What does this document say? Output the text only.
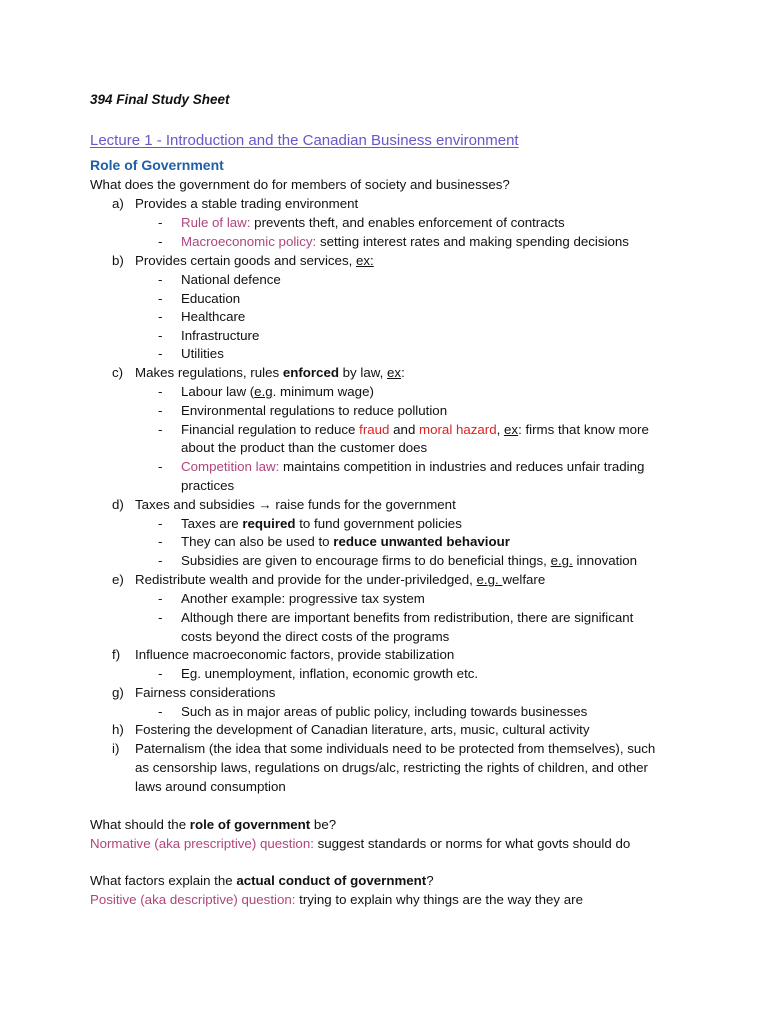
394 Final Study Sheet
Lecture 1 - Introduction and the Canadian Business environment
Role of Government
What does the government do for members of society and businesses?
a) Provides a stable trading environment
- Rule of law: prevents theft, and enables enforcement of contracts
- Macroeconomic policy: setting interest rates and making spending decisions
b) Provides certain goods and services, ex:
- National defence
- Education
- Healthcare
- Infrastructure
- Utilities
c) Makes regulations, rules enforced by law, ex:
- Labour law (e.g. minimum wage)
- Environmental regulations to reduce pollution
- Financial regulation to reduce fraud and moral hazard, ex: firms that know more
about the product than the customer does
- Competition law: maintains competition in industries and reduces unfair trading
practices
d) Taxes and subsidies → raise funds for the government
- Taxes are required to fund government policies
- They can also be used to reduce unwanted behaviour
- Subsidies are given to encourage firms to do beneficial things, e.g. innovation
e) Redistribute wealth and provide for the under-priviledged, e.g. welfare
- Another example: progressive tax system
- Although there are important benefits from redistribution, there are significant
costs beyond the direct costs of the programs
f) Influence macroeconomic factors, provide stabilization
- Eg. unemployment, inflation, economic growth etc.
g) Fairness considerations
- Such as in major areas of public policy, including towards businesses
h) Fostering the development of Canadian literature, arts, music, cultural activity
i) Paternalism (the idea that some individuals need to be protected from themselves), such
as censorship laws, regulations on drugs/alc, restricting the rights of children, and other
laws around consumption
What should the role of government be?
Normative (aka prescriptive) question: suggest standards or norms for what govts should do
What factors explain the actual conduct of government?
Positive (aka descriptive) question: trying to explain why things are the way they are
